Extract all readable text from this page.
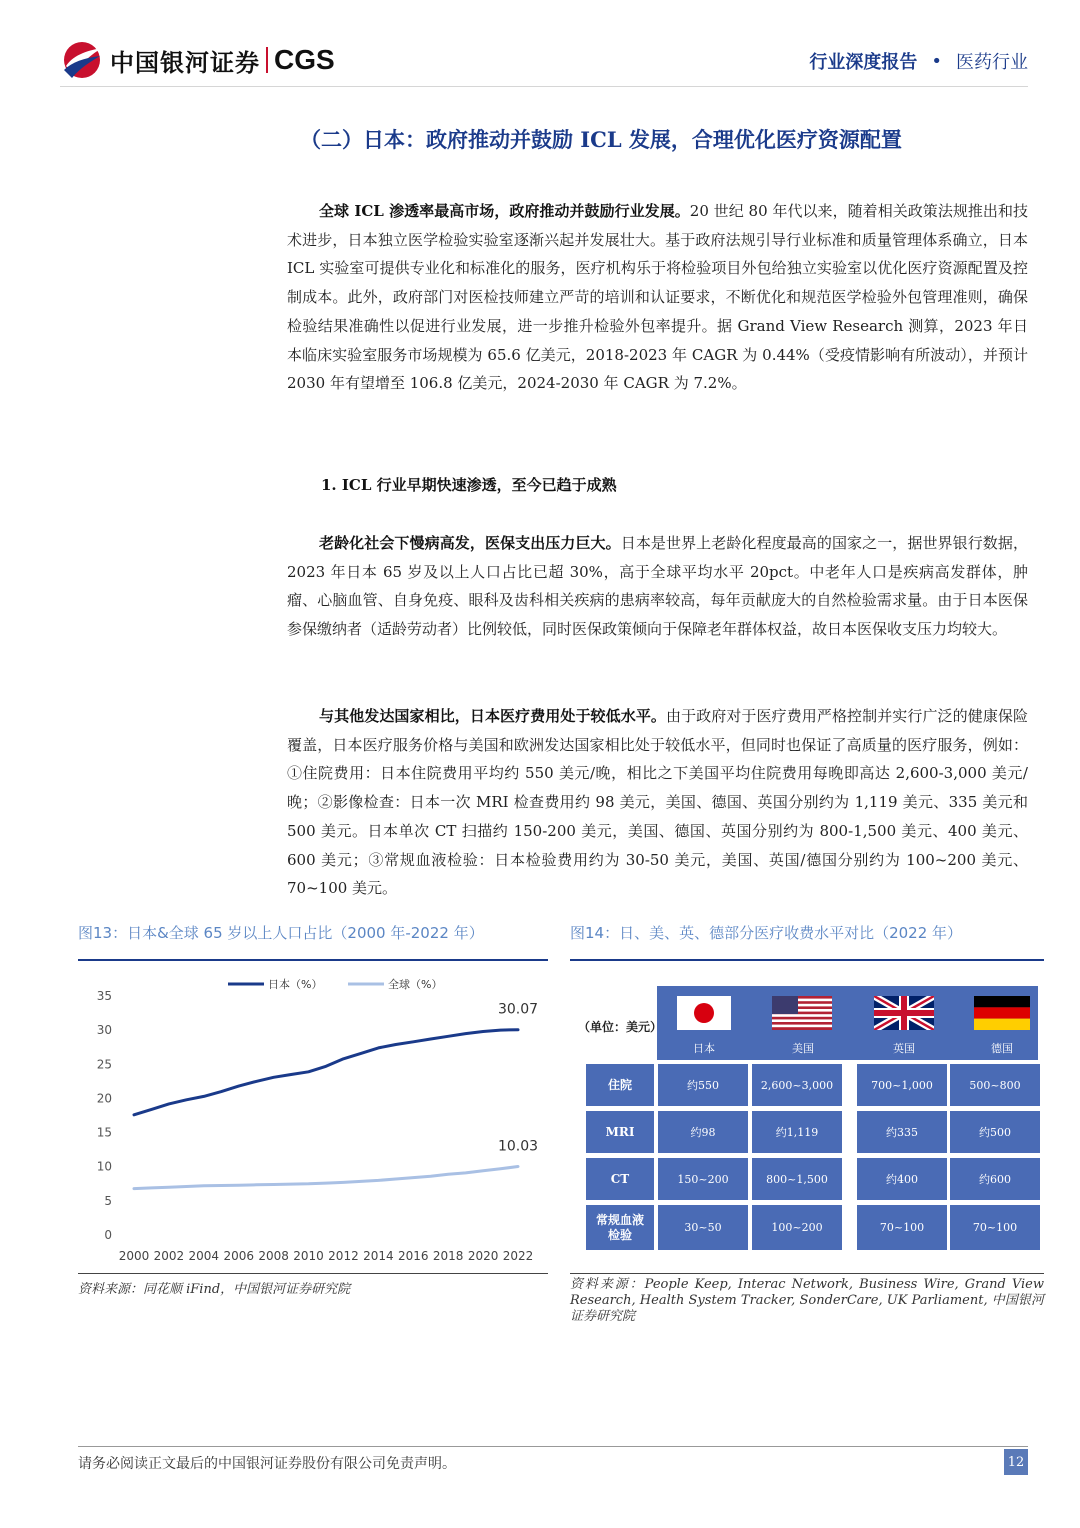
中国银河证券 CGS	行业深度报告 • 医药行业
（二）日本：政府推动并鼓励 ICL 发展，合理优化医疗资源配置

全球 ICL 渗透率最高市场，政府推动并鼓励行业发展。20 世纪 80 年代以来，随着相关政策法规推出和技术进步，日本独立医学检验实验室逐渐兴起并发展壮大。基于政府法规引导行业标准和质量管理体系确立，日本 ICL 实验室可提供专业化和标准化的服务，医疗机构乐于将检验项目外包给独立实验室以优化医疗资源配置及控制成本。此外，政府部门对医检技师建立严苛的培训和认证要求，不断优化和规范医学检验外包管理准则，确保检验结果准确性以促进行业发展，进一步推升检验外包率提升。据 Grand View Research 测算，2023 年日本临床实验室服务市场规模为 65.6 亿美元，2018-2023 年 CAGR 为 0.44%（受疫情影响有所波动），并预计 2030 年有望增至 106.8 亿美元，2024-2030 年 CAGR 为 7.2%。

1. ICL 行业早期快速渗透，至今已趋于成熟

老龄化社会下慢病高发，医保支出压力巨大。日本是世界上老龄化程度最高的国家之一，据世界银行数据，2023 年日本 65 岁及以上人口占比已超 30%，高于全球平均水平 20pct。中老年人口是疾病高发群体，肿瘤、心脑血管、自身免疫、眼科及齿科相关疾病的患病率较高，每年贡献庞大的自然检验需求量。由于日本医保参保缴纳者（适龄劳动者）比例较低，同时医保政策倾向于保障老年群体权益，故日本医保收支压力均较大。

与其他发达国家相比，日本医疗费用处于较低水平。由于政府对于医疗费用严格控制并实行广泛的健康保险覆盖，日本医疗服务价格与美国和欧洲发达国家相比处于较低水平，但同时也保证了高质量的医疗服务，例如：①住院费用：日本住院费用平均约 550 美元/晚，相比之下美国平均住院费用每晚即高达 2,600-3,000 美元/晚；②影像检查：日本一次 MRI 检查费用约 98 美元，美国、德国、英国分别约为 1,119 美元、335 美元和 500 美元。日本单次 CT 扫描约 150-200 美元，美国、德国、英国分别约为 800-1,500 美元、400 美元、600 美元；③常规血液检验：日本检验费用约为 30-50 美元，美国、英国/德国分别约为 100~200 美元、70~100 美元。

图13：日本&全球 65 岁以上人口占比（2000 年-2022 年）
0
5
10
15
20
25
30
35
2000 2002 2004 2006 2008 2010 2012 2014 2016 2018 2020 2022
日本（%）	全球（%）
30.07
10.03
资料来源：同花顺 iFind，中国银河证券研究院
图14：日、美、英、德部分医疗收费水平对比（2022 年）
（单位：美元）
日本	美国	英国	德国
住院	约550	2,600~3,000	700~1,000	500~800
MRI	约98	约1,119	约335	约500
CT	150~200	800~1,500	约400	约600
常规血液检验	30~50	100~200	70~100	70~100
资料来源：People Keep, Interac Network, Business Wire, Grand View Research, Health System Tracker, SonderCare, UK Parliament, 中国银河证券研究院
请务必阅读正文最后的中国银河证券股份有限公司免责声明。	12
